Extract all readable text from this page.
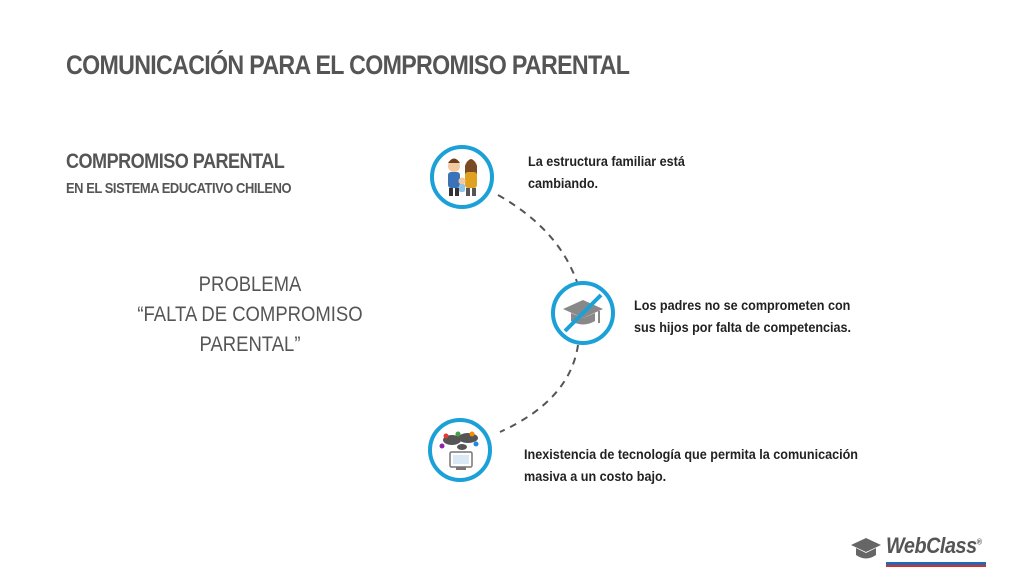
COMUNICACIÓN PARA EL COMPROMISO PARENTAL
COMPROMISO PARENTAL
EN EL SISTEMA EDUCATIVO CHILENO
PROBLEMA
“FALTA DE COMPROMISO
PARENTAL”
La estructura familiar está
cambiando.
Los padres no se comprometen con
sus hijos por falta de competencias.
Inexistencia de tecnología que permita la comunicación
masiva a un costo bajo.
WebClass®
